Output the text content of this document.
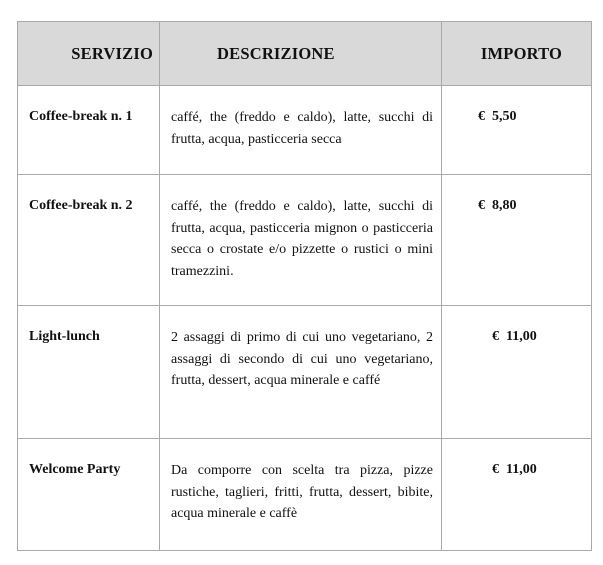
SERVIZIO	DESCRIZIONE	IMPORTO

Coffee-break n. 1	caffé, the (freddo e caldo), latte, succhi di frutta, acqua, pasticceria secca	€  5,50

Coffee-break n. 2	caffé, the (freddo e caldo), latte, succhi di frutta, acqua, pasticceria mignon o pasticceria secca o crostate e/o pizzette o rustici o mini tramezzini.	€  8,80

Light-lunch	2 assaggi di primo di cui uno vegetariano, 2 assaggi di secondo di cui uno vegetariano, frutta, dessert, acqua minerale e caffé	€  11,00

Welcome Party	Da comporre con scelta tra pizza, pizze rustiche, taglieri, fritti, frutta, dessert, bibite, acqua minerale e caffè	€  11,00
